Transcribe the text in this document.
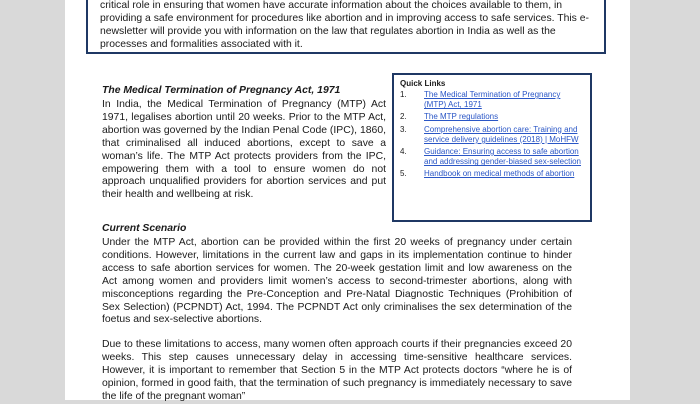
critical role in ensuring that women have accurate information about the choices available to them, in providing a safe environment for procedures like abortion and in improving access to safe services. This e-newsletter will provide you with information on the law that regulates abortion in India as well as the processes and formalities associated with it.

The Medical Termination of Pregnancy Act, 1971

In India, the Medical Termination of Pregnancy (MTP) Act 1971, legalises abortion until 20 weeks. Prior to the MTP Act, abortion was governed by the Indian Penal Code (IPC), 1860, that criminalised all induced abortions, except to save a woman’s life. The MTP Act protects providers from the IPC, empowering them with a tool to ensure women do not approach unqualified providers for abortion services and put their health and wellbeing at risk.

Quick Links

1.	The Medical Termination of Pregnancy (MTP) Act, 1971
2.	The MTP regulations
3.	Comprehensive abortion care: Training and service delivery guidelines (2018) | MoHFW
4.	Guidance: Ensuring access to safe abortion and addressing gender-biased sex-selection
5.	Handbook on medical methods of abortion

Current Scenario

Under the MTP Act, abortion can be provided within the first 20 weeks of pregnancy under certain conditions. However, limitations in the current law and gaps in its implementation continue to hinder access to safe abortion services for women. The 20-week gestation limit and low awareness on the Act among women and providers limit women’s access to second-trimester abortions, along with misconceptions regarding the Pre-Conception and Pre-Natal Diagnostic Techniques (Prohibition of Sex Selection) (PCPNDT) Act, 1994. The PCPNDT Act only criminalises the sex determination of the foetus and sex-selective abortions.

Due to these limitations to access, many women often approach courts if their pregnancies exceed 20 weeks. This step causes unnecessary delay in accessing time-sensitive healthcare services. However, it is important to remember that Section 5 in the MTP Act protects doctors “where he is of opinion, formed in good faith, that the termination of such pregnancy is immediately necessary to save the life of the pregnant woman”
